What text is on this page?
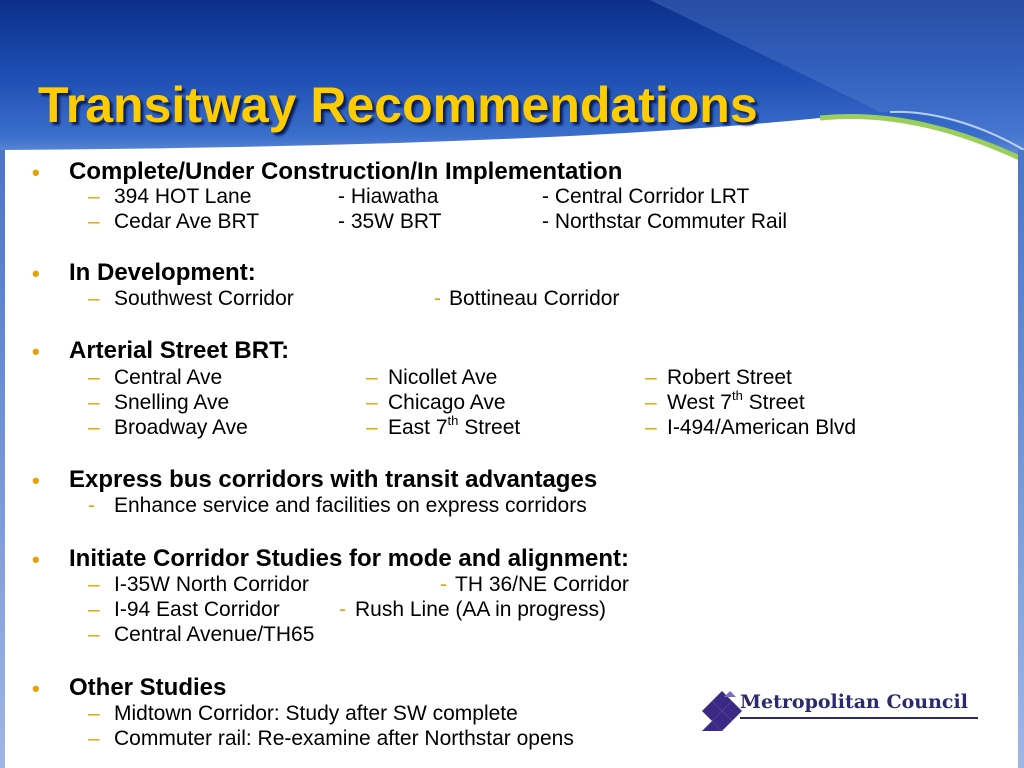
Transitway Recommendations
• Complete/Under Construction/In Implementation
– 394 HOT Lane	- Hiawatha	- Central Corridor LRT
– Cedar Ave BRT	- 35W BRT	- Northstar Commuter Rail
• In Development:
– Southwest Corridor	- Bottineau Corridor
• Arterial Street BRT:
– Central Ave	– Nicollet Ave	– Robert Street
– Snelling Ave	– Chicago Ave	– West 7th Street
– Broadway Ave	– East 7th Street	– I-494/American Blvd
• Express bus corridors with transit advantages
- Enhance service and facilities on express corridors
• Initiate Corridor Studies for mode and alignment:
– I-35W North Corridor	- TH 36/NE Corridor
– I-94 East Corridor	- Rush Line (AA in progress)
– Central Avenue/TH65
• Other Studies
– Midtown Corridor: Study after SW complete
– Commuter rail: Re-examine after Northstar opens
Metropolitan Council
